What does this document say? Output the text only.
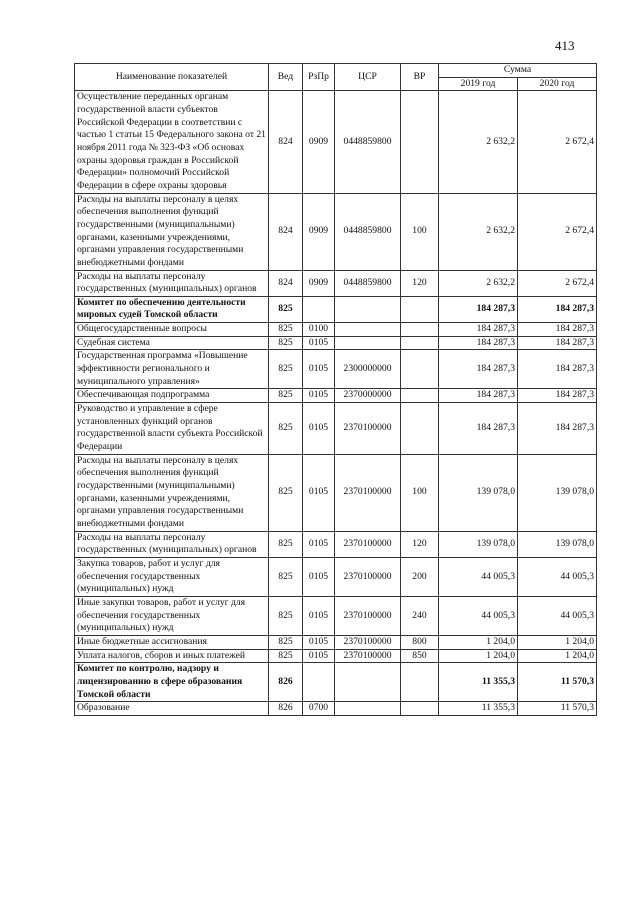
413
Наименование показателей	Вед	РзПр	ЦСР	ВР	Сумма	
					2019 год	2020 год
Осуществление переданных органам государственной власти субъектов Российской Федерации в соответствии с частью 1 статьи 15 Федерального закона от 21 ноября 2011 года № 323-ФЗ «Об основах охраны здоровья граждан в Российской Федерации» полномочий Российской Федерации в сфере охраны здоровья	824	0909	0448859800		2 632,2	2 672,4
Расходы на выплаты персоналу в целях обеспечения выполнения функций государственными (муниципальными) органами, казенными учреждениями, органами управления государственными внебюджетными фондами	824	0909	0448859800	100	2 632,2	2 672,4
Расходы на выплаты персоналу государственных (муниципальных) органов	824	0909	0448859800	120	2 632,2	2 672,4
Комитет по обеспечению деятельности мировых судей Томской области	825				184 287,3	184 287,3
Общегосударственные вопросы	825	0100			184 287,3	184 287,3
Судебная система	825	0105			184 287,3	184 287,3
Государственная программа «Повышение эффективности регионального и муниципального управления»	825	0105	2300000000		184 287,3	184 287,3
Обеспечивающая подпрограмма	825	0105	2370000000		184 287,3	184 287,3
Руководство и управление в сфере установленных функций органов государственной власти субъекта Российской Федерации	825	0105	2370100000		184 287,3	184 287,3
Расходы на выплаты персоналу в целях обеспечения выполнения функций государственными (муниципальными) органами, казенными учреждениями, органами управления государственными внебюджетными фондами	825	0105	2370100000	100	139 078,0	139 078,0
Расходы на выплаты персоналу государственных (муниципальных) органов	825	0105	2370100000	120	139 078,0	139 078,0
Закупка товаров, работ и услуг для обеспечения государственных (муниципальных) нужд	825	0105	2370100000	200	44 005,3	44 005,3
Иные закупки товаров, работ и услуг для обеспечения государственных (муниципальных) нужд	825	0105	2370100000	240	44 005,3	44 005,3
Иные бюджетные ассигнования	825	0105	2370100000	800	1 204,0	1 204,0
Уплата налогов, сборов и иных платежей	825	0105	2370100000	850	1 204,0	1 204,0
Комитет по контролю, надзору и лицензированию в сфере образования Томской области	826				11 355,3	11 570,3
Образование	826	0700			11 355,3	11 570,3
